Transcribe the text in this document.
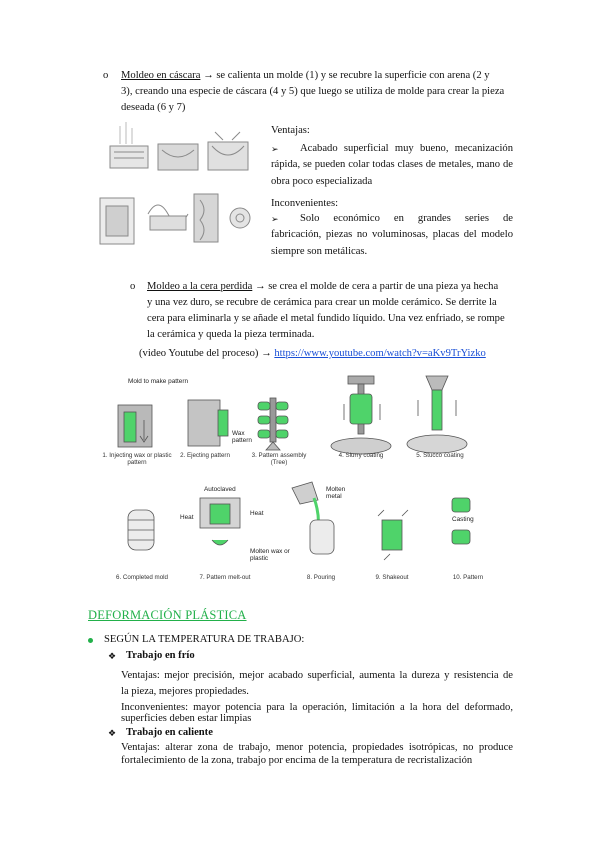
o Moldeo en cáscara → se calienta un molde (1) y se recubre la superficie con arena (2 y
3), creando una especie de cáscara (4 y 5) que luego se utiliza de molde para crear la pieza
deseada (6 y 7)
Ventajas:
➢ Acabado superficial muy bueno, mecanización
rápida, se pueden colar todas clases de metales, mano de obra poco especializada
Inconvenientes:
➢ Solo económico en grandes series de
fabricación, piezas no voluminosas, placas del modelo siempre son metálicas.
o Moldeo a la cera perdida → se crea el molde de cera a partir de una pieza ya hecha
y una vez duro, se recubre de cerámica para crear un molde cerámico. Se derrite la
cera para eliminarla y se añade el metal fundido líquido. Una vez enfriado, se rompe
la cerámica y queda la pieza terminada.
(video Youtube del proceso) → https://www.youtube.com/watch?v=aKv9TrYizko
Mold to make pattern
Wax pattern
Autoclaved
Heat
Heat
Molten wax or plastic
Molten metal
Casting
1. Injecting wax or plastic pattern
2. Ejecting pattern	3. Pattern assembly (Tree)
4. Slurry coating	5. Stucco coating
6. Completed mold	7. Pattern melt-out	8. Pouring	9. Shakeout	10. Pattern
DEFORMACIÓN PLÁSTICA
SEGÚN LA TEMPERATURA DE TRABAJO:
❖ Trabajo en frío
Ventajas: mejor precisión, mejor acabado superficial, aumenta la dureza y resistencia de
la pieza, mejores propiedades.
Inconvenientes: mayor potencia para la operación, limitación a la hora del deformado,
superficies deben estar limpias
❖ Trabajo en caliente
Ventajas: alterar zona de trabajo, menor potencia, propiedades isotrópicas, no produce
fortalecimiento de la zona, trabajo por encima de la temperatura de recristalización
